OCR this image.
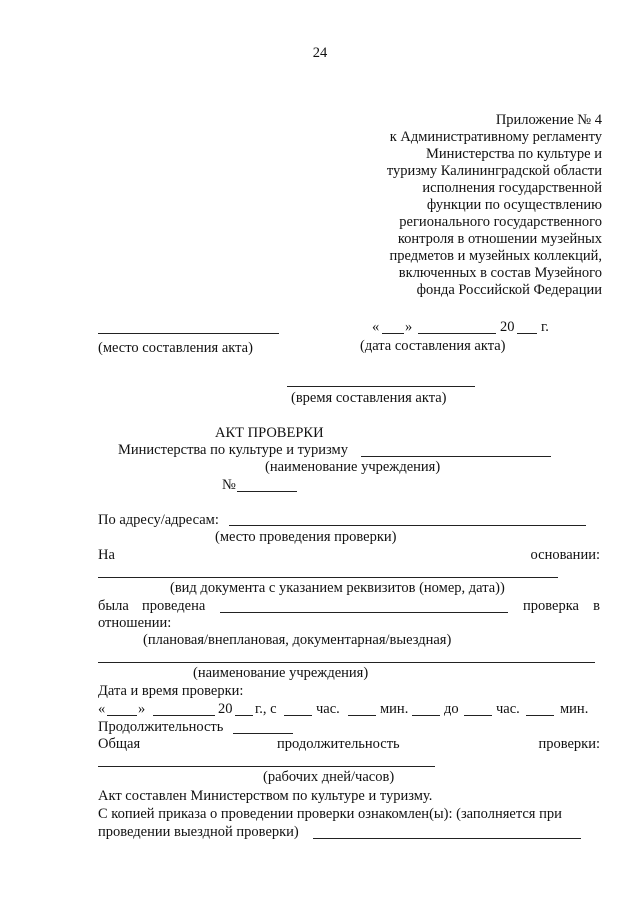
24
Приложение № 4
к Административному регламенту
Министерства по культуре и
туризму Калининградской области
исполнения государственной
функции по осуществлению
регионального государственного
контроля в отношении музейных
предметов и музейных коллекций,
включенных в состав Музейного
фонда Российской Федерации
« »	20 г.
(место составления акта)	(дата составления акта)
(время составления акта)
АКТ ПРОВЕРКИ
Министерства по культуре и туризму
(наименование учреждения)
№
По адресу/адресам:
(место проведения проверки)
На	основании:
(вид документа с указанием реквизитов (номер, дата))
была проведена	проверка в
отношении:
(плановая/внеплановая, документарная/выездная)
(наименование учреждения)
Дата и время проверки:
« »	20 г., с	час.	мин. до	час.	мин.
Продолжительность
Общая	продолжительность	проверки:
(рабочих дней/часов)
Акт составлен Министерством по культуре и туризму.
С копией приказа о проведении проверки ознакомлен(ы): (заполняется при
проведении выездной проверки)
